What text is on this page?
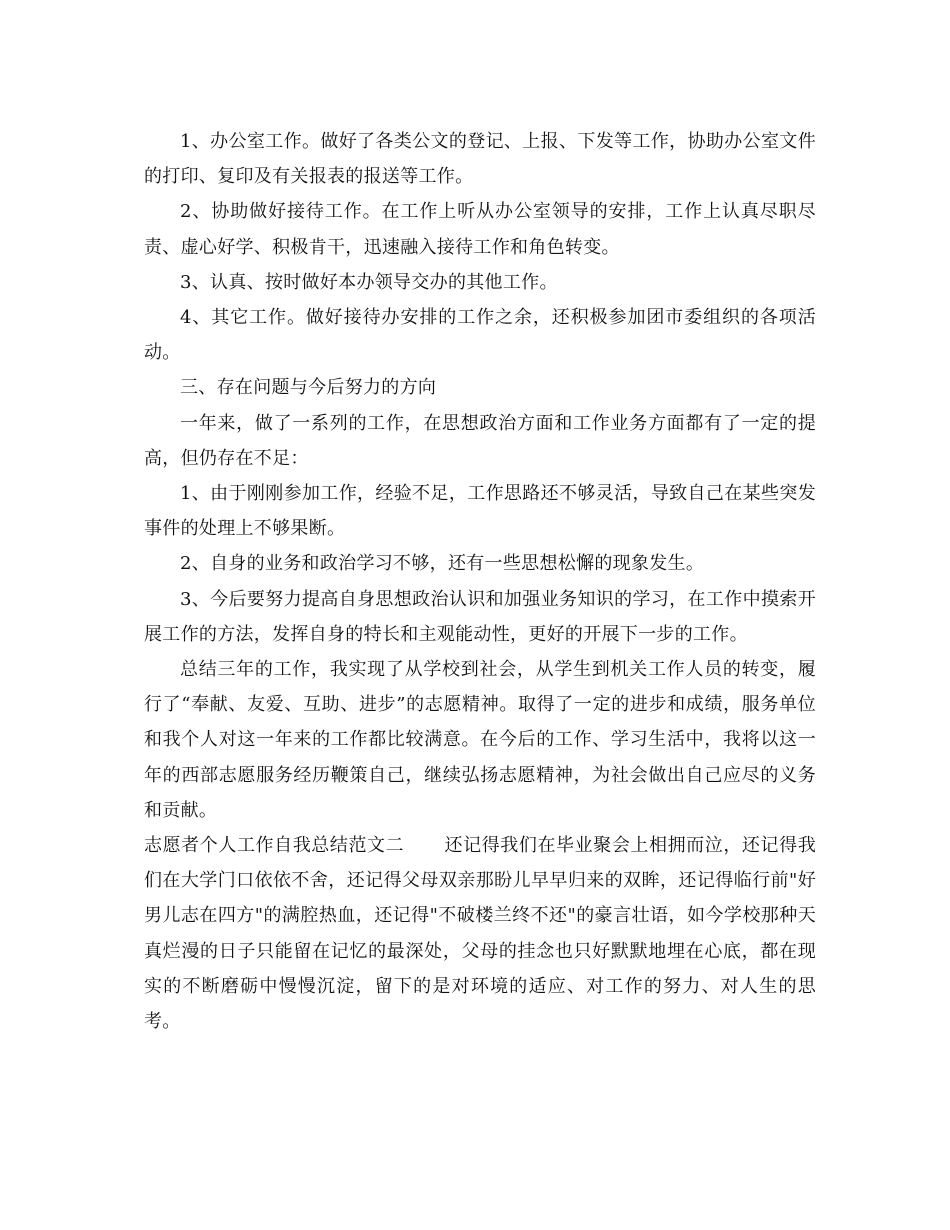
1、办公室工作。做好了各类公文的登记、上报、下发等工作，协助办公室文件的打印、复印及有关报表的报送等工作。

2、协助做好接待工作。在工作上听从办公室领导的安排，工作上认真尽职尽责、虚心好学、积极肯干，迅速融入接待工作和角色转变。

3、认真、按时做好本办领导交办的其他工作。

4、其它工作。做好接待办安排的工作之余，还积极参加团市委组织的各项活动。

三、存在问题与今后努力的方向

一年来，做了一系列的工作，在思想政治方面和工作业务方面都有了一定的提高，但仍存在不足：

1、由于刚刚参加工作，经验不足，工作思路还不够灵活，导致自己在某些突发事件的处理上不够果断。

2、自身的业务和政治学习不够，还有一些思想松懈的现象发生。

3、今后要努力提高自身思想政治认识和加强业务知识的学习，在工作中摸索开展工作的方法，发挥自身的特长和主观能动性，更好的开展下一步的工作。

总结三年的工作，我实现了从学校到社会，从学生到机关工作人员的转变，履行了“奉献、友爱、互助、进步”的志愿精神。取得了一定的进步和成绩，服务单位和我个人对这一年来的工作都比较满意。在今后的工作、学习生活中，我将以这一年的西部志愿服务经历鞭策自己，继续弘扬志愿精神，为社会做出自己应尽的义务和贡献。

志愿者个人工作自我总结范文二 还记得我们在毕业聚会上相拥而泣，还记得我们在大学门口依依不舍，还记得父母双亲那盼儿早早归来的双眸，还记得临行前"好男儿志在四方"的满腔热血，还记得"不破楼兰终不还"的豪言壮语，如今学校那种天真烂漫的日子只能留在记忆的最深处，父母的挂念也只好默默地埋在心底，都在现实的不断磨砺中慢慢沉淀，留下的是对环境的适应、对工作的努力、对人生的思考。
